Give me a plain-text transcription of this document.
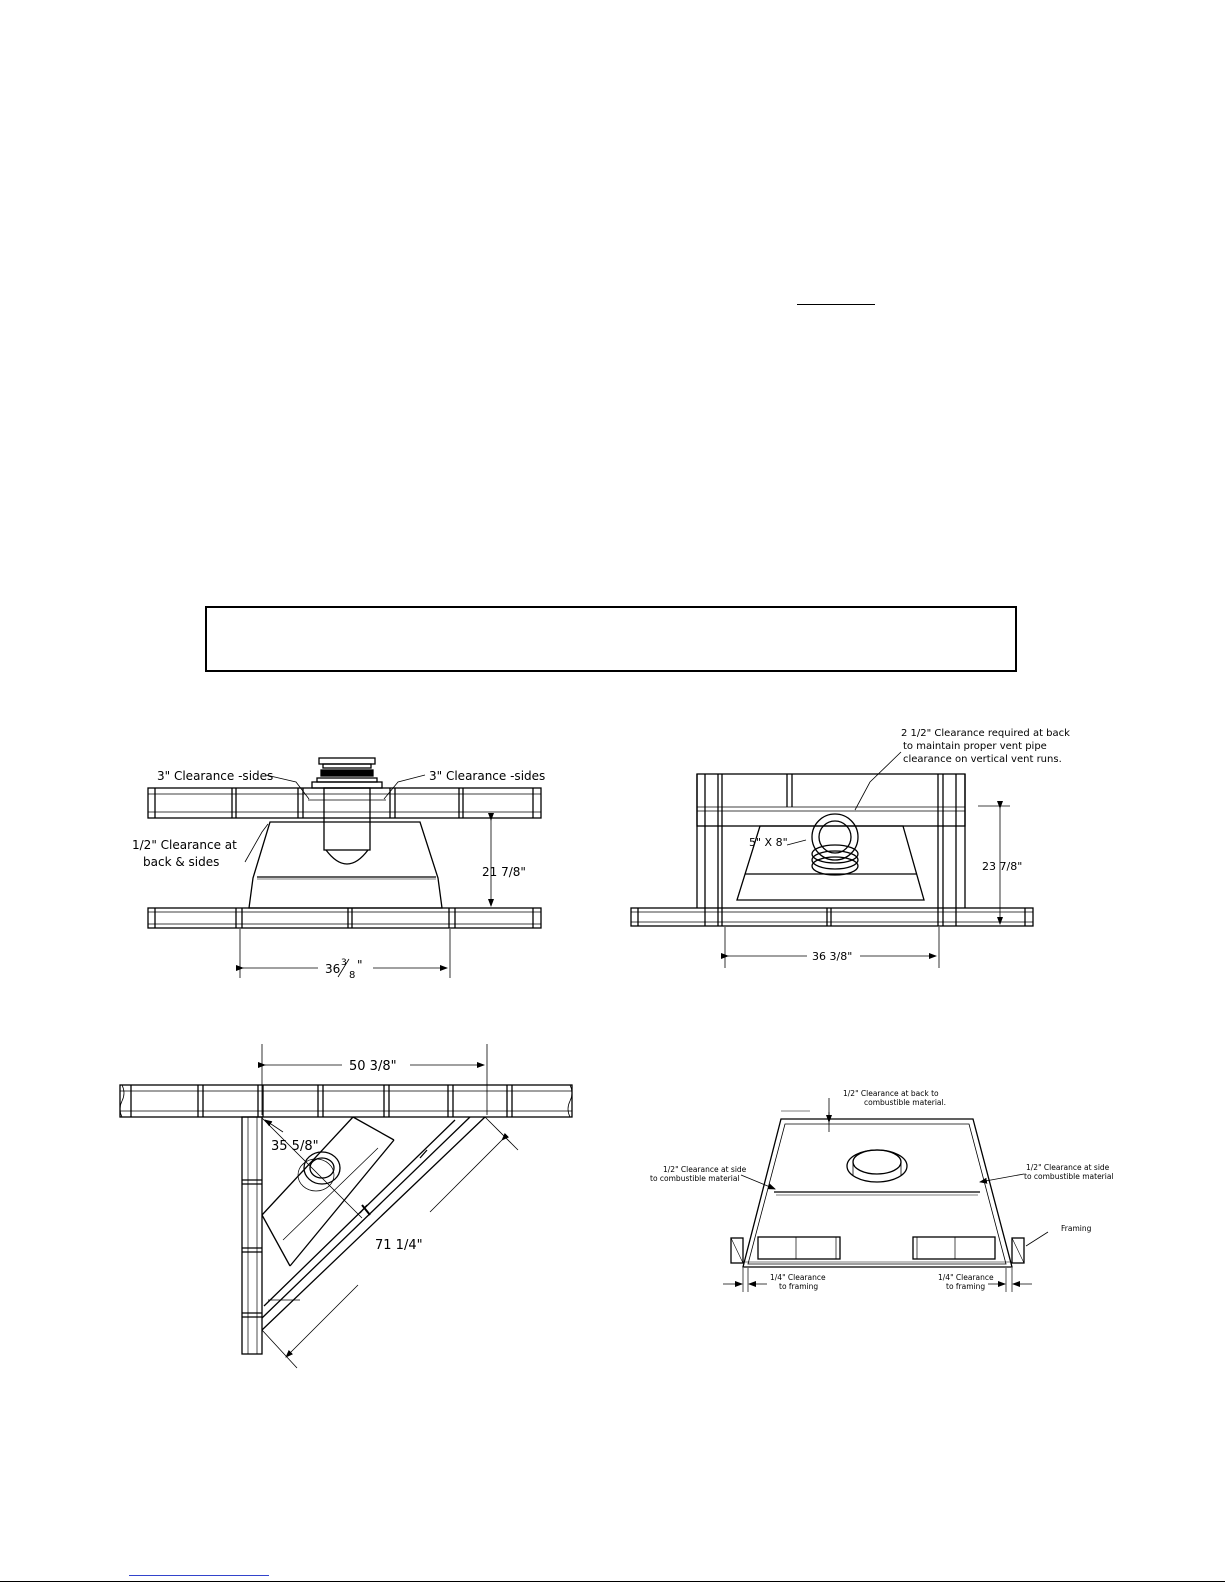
3" Clearance -sides	3" Clearance -sides
1/2" Clearance at
back & sides
21 7/8"
36 3
8
"
2 1/2" Clearance required at back
to maintain proper vent pipe
clearance on vertical vent runs.
5" X 8"
23 7/8"
36 3/8"
50 3/8"
35 5/8"
71 1/4"
1/2" Clearance at back to
combustible material.
1/2" Clearance at side
to combustible material
1/2" Clearance at side
to combustible material
Framing
1/4" Clearance
to framing
1/4" Clearance
to framing
